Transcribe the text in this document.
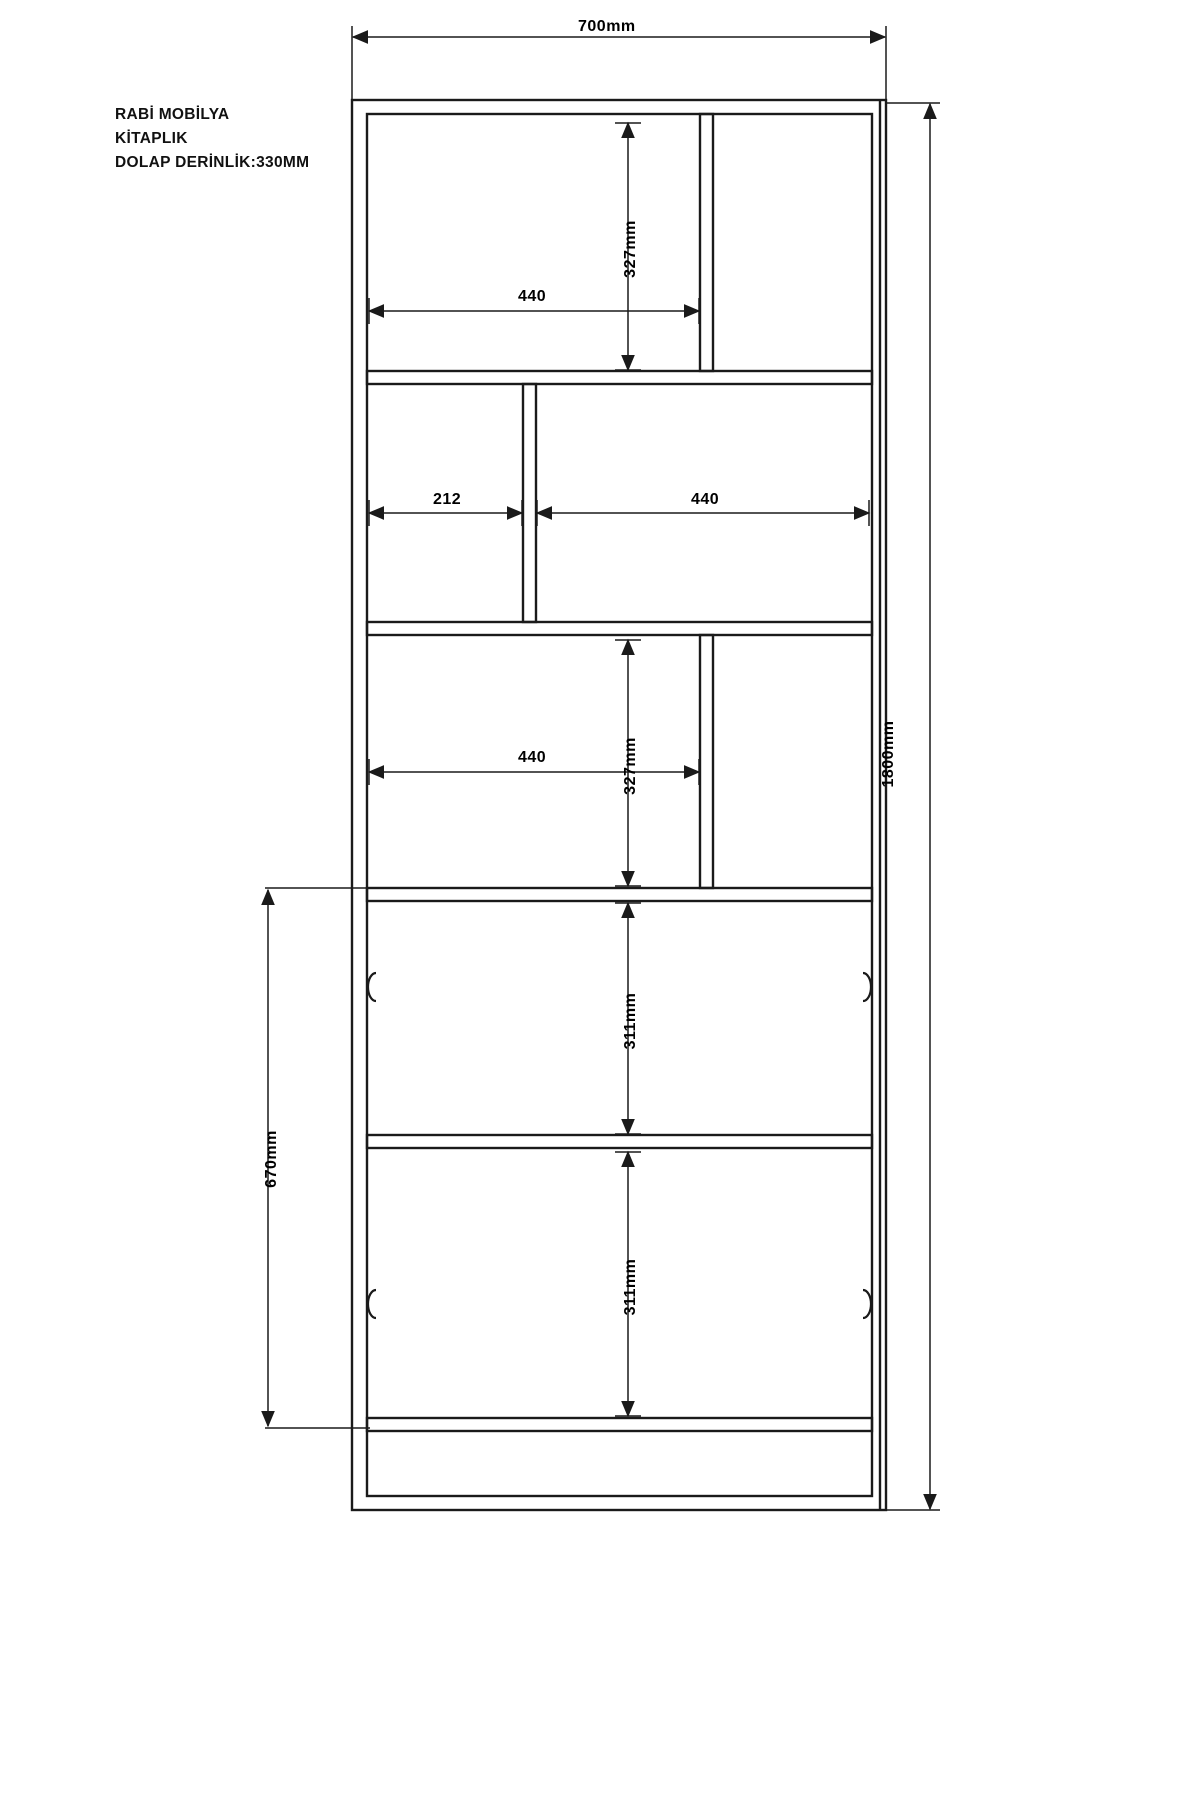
RABİ MOBİLYA
KİTAPLIK
DOLAP DERİNLİK:330MM
700mm
1800mm
327mm
440
212	440
327mm
440
311mm
311mm
670mm
